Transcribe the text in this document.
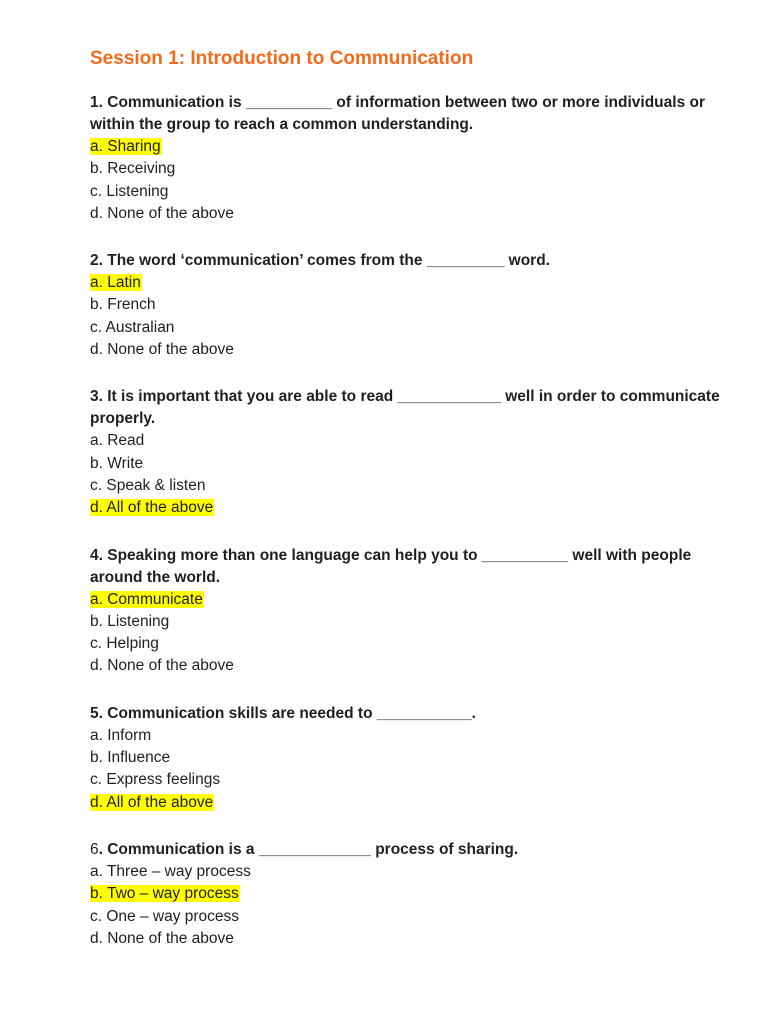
Session 1: Introduction to Communication

1. Communication is __________ of information between two or more individuals or within the group to reach a common understanding.

a. Sharing

b. Receiving

c. Listening

d. None of the above

2. The word ‘communication’ comes from the _________ word.

a. Latin

b. French

c. Australian

d. None of the above

3. It is important that you are able to read ____________ well in order to communicate properly.

a. Read

b. Write

c. Speak & listen

d. All of the above

4. Speaking more than one language can help you to __________ well with people around the world.

a. Communicate

b. Listening

c. Helping

d. None of the above

5. Communication skills are needed to ___________.

a. Inform

b. Influence

c. Express feelings

d. All of the above

6. Communication is a _____________ process of sharing.

a. Three – way process

b. Two – way process

c. One – way process

d. None of the above
